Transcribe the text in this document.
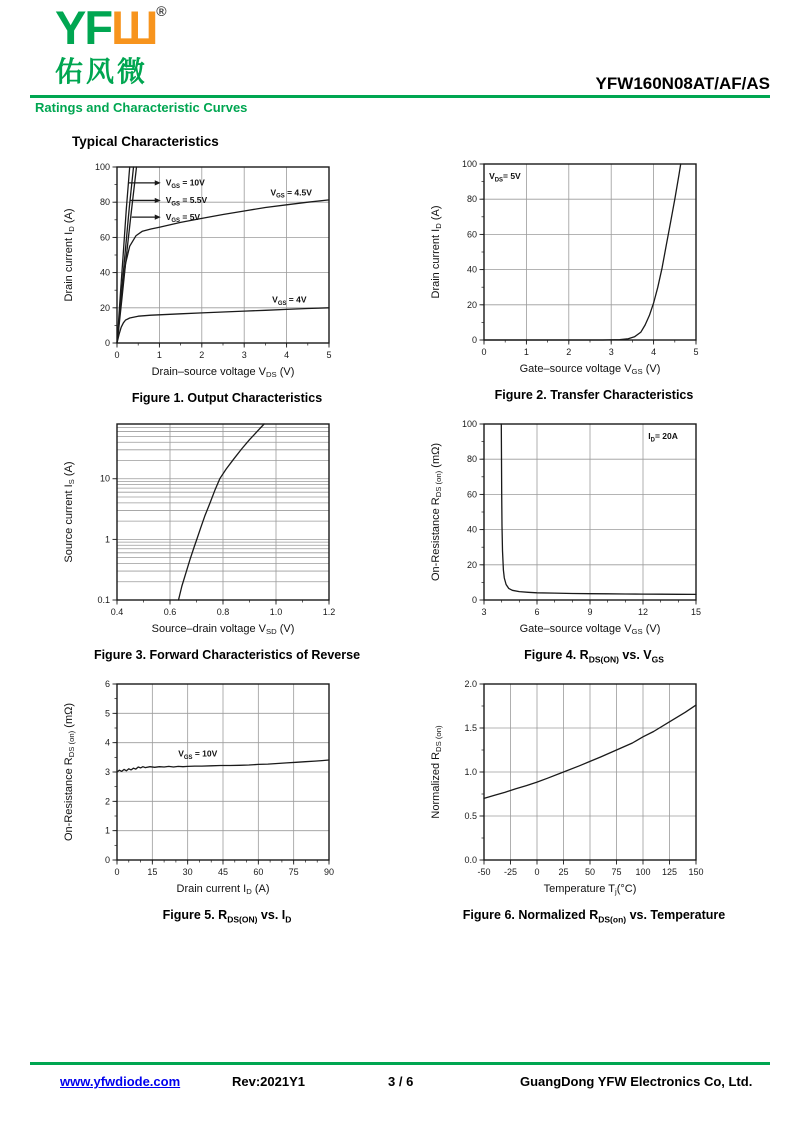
YFШ®
佑风微	YFW160N08AT/AF/AS
Ratings and Characteristic Curves
Typical Characteristics
0	1	2	3	4	5
0
20
40
60
80
100
Drain–source voltage $V_{DS}$ (V)
Drain current $I_D$ (A)
$V_{GS} = 10V$
$V_{GS} = 5.5V$
$V_{GS} = 5V$
$V_{GS} = 4.5V$
$V_{GS} = 4V$
Figure 1. Output Characteristics
0	1	2	3	4	5
0
20
40
60
80
100
Gate–source voltage $V_{GS}$ (V)
Drain current $I_D$ (A)
$V_{DS}= 5V$
Figure 2. Transfer Characteristics
0.4	0.6	0.8	1.0	1.2
0.1
1
10
Source–drain voltage $V_{SD}$ (V)
Source current $I_S$ (A)
Figure 3. Forward Characteristics of Reverse
3	6	9	12	15
0
20
40
60
80
100
Gate–source voltage $V_{GS}$ (V)
On-Resistance $R_{DS (on)}$ (mΩ)
$I_D= 20A$
Figure 4. $R_{DS(ON)}$ vs. $V_{GS}$
0	15	30	45	60	75	90
0
1
2
3
4
5
6
Drain current $I_D$ (A)
On-Resistance $R_{DS (on)}$ (mΩ)
$V_{GS} = 10V$
Figure 5. $R_{DS(ON)}$ vs. $I_D$
-50 -25 0 25 50 75 100 125 150
0.0
0.5
1.0
1.5
2.0
Temperature $T_j(^\circ C)$
Normalized $R_{DS (on)}$
Figure 6. Normalized $R_{DS(on)}$ vs. Temperature
www.yfwdiode.com	Rev:2021Y1	3 / 6	GuangDong YFW Electronics Co, Ltd.
